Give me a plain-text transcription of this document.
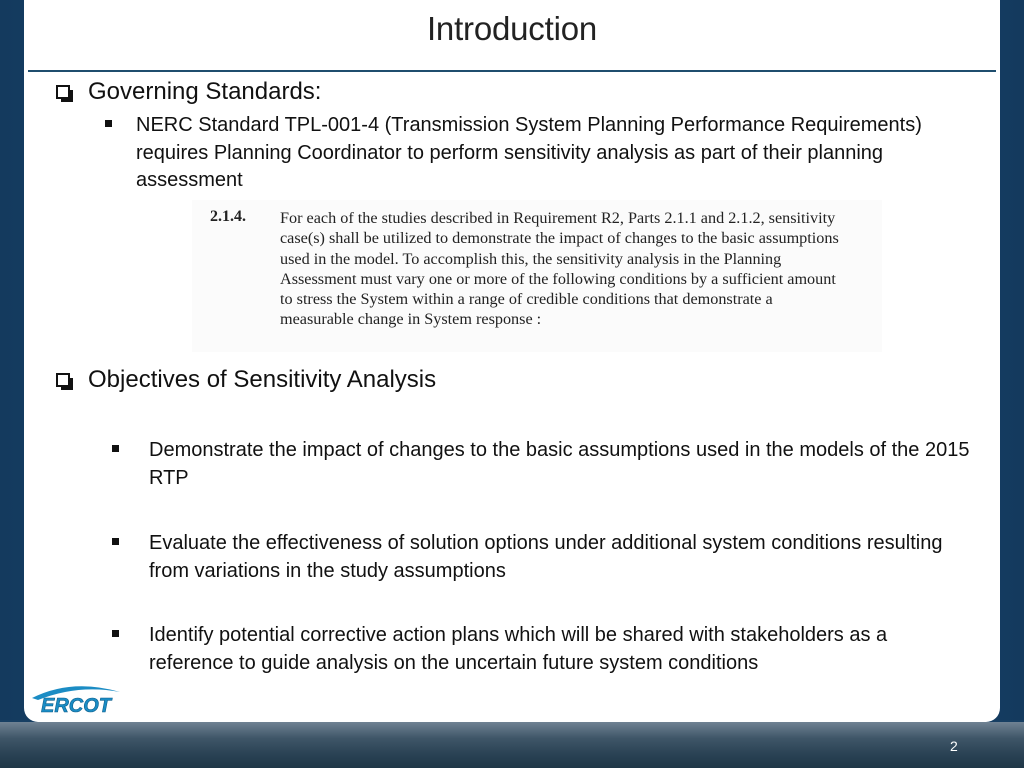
Introduction
Governing Standards:
NERC Standard TPL-001-4 (Transmission System Planning Performance Requirements) requires Planning Coordinator to perform sensitivity analysis as part of their planning assessment
2.1.4. For each of the studies described in Requirement R2, Parts 2.1.1 and 2.1.2, sensitivity case(s) shall be utilized to demonstrate the impact of changes to the basic assumptions used in the model. To accomplish this, the sensitivity analysis in the Planning Assessment must vary one or more of the following conditions by a sufficient amount to stress the System within a range of credible conditions that demonstrate a measurable change in System response :
Objectives of Sensitivity Analysis
Demonstrate the impact of changes to the basic assumptions used in the models of the 2015 RTP
Evaluate the effectiveness of solution options under additional system conditions resulting from variations in the study assumptions
Identify potential corrective action plans which will be shared with stakeholders as a reference to guide analysis on the uncertain future system conditions
ERCOT
2
